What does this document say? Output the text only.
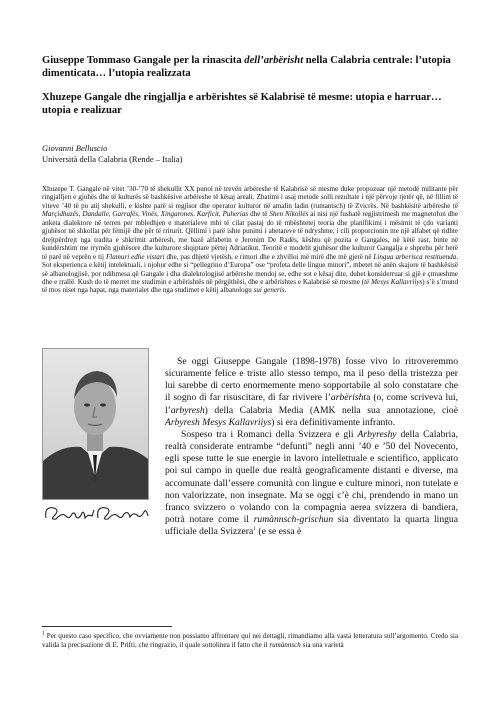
Giuseppe Tommaso Gangale per la rinascita dell’arbërisht nella Calabria centrale: l’utopia dimenticata… l’utopia realizzata

Xhuzepe Gangale dhe ringjallja e arbërishtes së Kalabrisë të mesme: utopia e harruar… utopia e realizuar

Giovanni Belluscio
Università della Calabria (Rende – Italia)

Xhuzepe T. Gangale në vitet ’30-’70 të shekullit XX punoi në trevën arbëreshe të Kalabrisë së mesme duke propozuar një metodë militante për ringjalljen e gjuhës dhe të kulturës së bashkësive arbëreshe të kësaj areali. Zbatimi i asaj metode solli rezultate i një përvoje tjetër që, në fillim të viteve ’40 të po atij shekulli, e kishte parë si regjisor dhe operator kulturor në amalin ladin (rumantsch) të Zvicrës. Në bashkësitë arbëreshe të Marçidhuzës, Dandalle, Garrafës, Vinës, Xingarones, Karficit, Puherias dhe të Shen Nikollës ai nisi një fushatë regjistrimesh me magnetofon dhe anketa dialektore në terren per mbledhjen e materialeve mbi të cilat pastaj do të mbështetej teoria dhe planifikimi i mësimit të çdo varianti gjuhësor në shkollat për fëmijë dhe për të rriturit. Qëllimi i parë ishte punimi i abetareve të ndryshme, i cili proporcionin me një alfabet që ridhte drejtpërdrejt nga tradita e shkrimit arbëresh, me bazë alfabetin e Jeronim De Radës, kështu që pozita e Gangales, në këtë rast, binte në kundërshtim me rrymën gjuhësore dhe kulturore shqiptare përtej Adriatikut. Teoritë e modelit gjuhësor dhe kulturor Gangalja e shprehu për herë të parë në veprën e tij Flamuri edhe vistari dhe, pas dhjetë vjetësh, e rimori dhe e zhvilloi më mirë dhe më gjerë në Lingua arberisca restituenda. Sot eksperienca e këtij intelektuali, i njohur edhe si “pellegrino d’Europa” ose “profeta delle lingue minori”, mbetet në anën skajore të bashkësisë së albanologjisë, por ndihmesa që Gangale i dha dialektologjisë arbëreshe mendoj se, edhe sot e kësaj dite, duhet konsiderruar si gjë e çmueshme dhe e rrallë. Kush do të merret me studimin e arbërishtës në përgjithësi, dhe e arbërishtes e Kalabrisë së mesme (të Mesys Kallavriiys) s’ë s’mund të mos niset nga hapat, nga materialet dhe nga studimet e këtij albanologu sui generis.

Se oggi Giuseppe Gangale (1898-1978) fosse vivo lo ritroveremmo sicuramente felice e triste allo stesso tempo, ma il peso della tristezza per lui sarebbe di certo enormemente meno sopportabile al solo constatare che il sogno di far risuscitare, di far rivivere l’arbërishta (o, come scriveva lui, l’arbyresh) della Calabria Media (AMK nella sua annotazione, cioè Arbyresh Mesys Kallavriiys) si era definitivamente infranto.
Sospeso tra i Romanci della Svizzera e gli Arbyreshy della Calabria, realtà considerate entrambe “defunti” negli anni ’40 e ’50 del Novecento, egli spese tutte le sue energie in lavoro intellettuale e scientifico, applicato poi sul campo in quelle due realtà geograficamente distanti e diverse, ma accomunate dall’essere comunità con lingue e culture minori, non tutelate e non valorizzate, non insegnate. Ma se oggi c’è chi, prendendo in mano un franco svizzero o volando con la compagnia aerea svizzera di bandiera, potrà notare come il rumànnsch-grischun sia diventato la quarta lingua ufficiale della Svizzera$^1$ (e se essa è

$^1$ Per questo caso specifico, che ovviamente non possiamo affrontare qui nei dettagli, rimandiamo alla vasta letteratura sull’argomento. Credo sia valida la precisazione di E. Prifti, che ringrazio, il quale sottolinea il fatto che il rumànnsch sia una varietà
